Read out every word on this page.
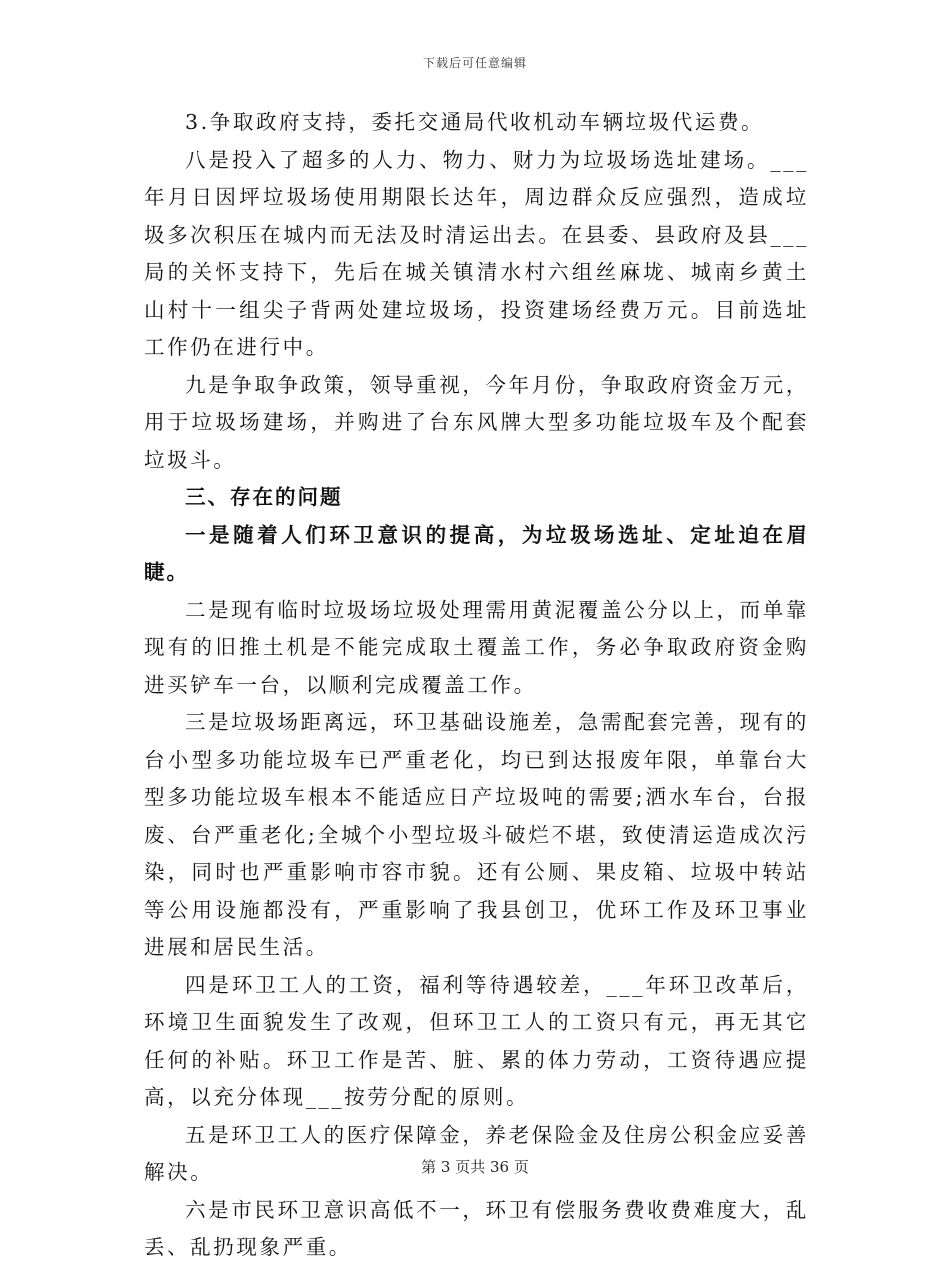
下载后可任意编辑

3.争取政府支持，委托交通局代收机动车辆垃圾代运费。

八是投入了超多的人力、物力、财力为垃圾场选址建场。___年月日因坪垃圾场使用期限长达年，周边群众反应强烈，造成垃圾多次积压在城内而无法及时清运出去。在县委、县政府及县___局的关怀支持下，先后在城关镇清水村六组丝麻垅、城南乡黄土山村十一组尖子背两处建垃圾场，投资建场经费万元。目前选址工作仍在进行中。

九是争取争政策，领导重视，今年月份，争取政府资金万元，用于垃圾场建场，并购进了台东风牌大型多功能垃圾车及个配套垃圾斗。

三、存在的问题

一是随着人们环卫意识的提高，为垃圾场选址、定址迫在眉睫。

二是现有临时垃圾场垃圾处理需用黄泥覆盖公分以上，而单靠现有的旧推土机是不能完成取土覆盖工作，务必争取政府资金购进买铲车一台，以顺利完成覆盖工作。

三是垃圾场距离远，环卫基础设施差，急需配套完善，现有的台小型多功能垃圾车已严重老化，均已到达报废年限，单靠台大型多功能垃圾车根本不能适应日产垃圾吨的需要;洒水车台，台报废、台严重老化;全城个小型垃圾斗破烂不堪，致使清运造成次污染，同时也严重影响市容市貌。还有公厕、果皮箱、垃圾中转站等公用设施都没有，严重影响了我县创卫，优环工作及环卫事业进展和居民生活。

四是环卫工人的工资，福利等待遇较差，___年环卫改革后，环境卫生面貌发生了改观，但环卫工人的工资只有元，再无其它任何的补贴。环卫工作是苦、脏、累的体力劳动，工资待遇应提高，以充分体现___按劳分配的原则。

五是环卫工人的医疗保障金，养老保险金及住房公积金应妥善解决。

六是市民环卫意识高低不一，环卫有偿服务费收费难度大，乱丢、乱扔现象严重。

第 3 页共 36 页
